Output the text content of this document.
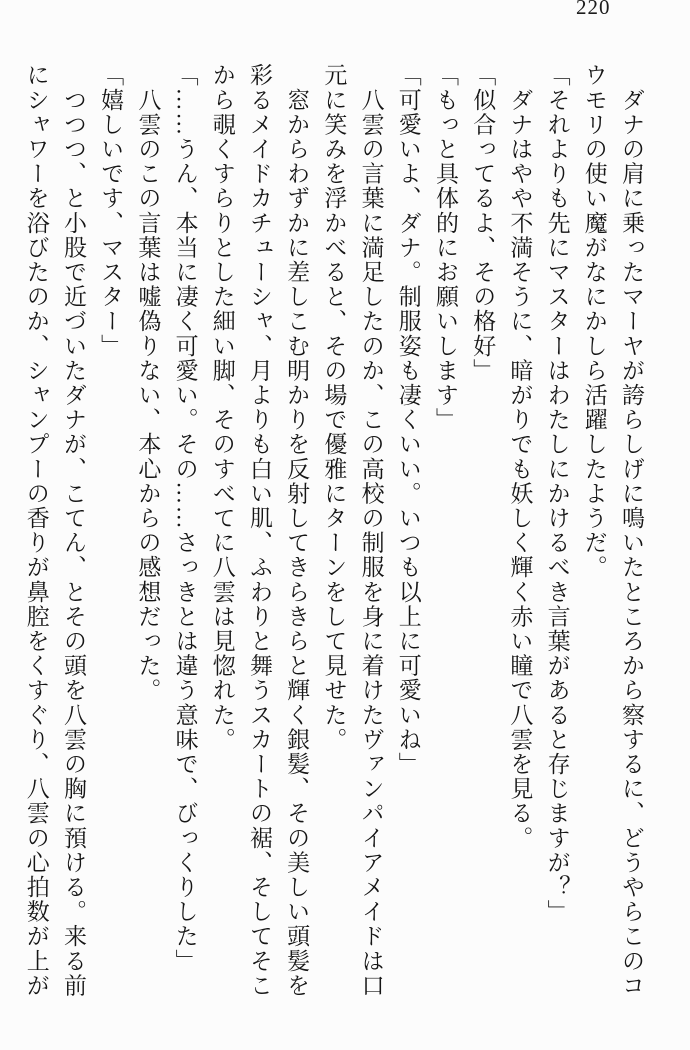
220

　ダナの肩に乗ったマーヤが誇らしげに鳴いたところから察するに、どうやらこのコウモリの使い魔がなにかしら活躍したようだ。

「それよりも先にマスターはわたしにかけるべき言葉があると存じますが？」

　ダナはやや不満そうに、暗がりでも妖しく輝く赤い瞳で八雲を見る。

「似合ってるよ、その格好」

「もっと具体的にお願いします」

「可愛いよ、ダナ。制服姿も凄くいい。いつも以上に可愛いね」

　八雲の言葉に満足したのか、この高校の制服を身に着けたヴァンパイアメイドは口元に笑みを浮かべると、その場で優雅にターンをして見せた。

　窓からわずかに差しこむ明かりを反射してきらきらと輝く銀髪、その美しい頭髪を彩るメイドカチューシャ、月よりも白い肌、ふわりと舞うスカートの裾、そしてそこから覗くすらりとした細い脚、そのすべてに八雲は見惚れた。

「……うん、本当に凄く可愛い。その……さっきとは違う意味で、びっくりした」

　八雲のこの言葉は嘘偽りない、本心からの感想だった。

「嬉しいです、マスター」

　つつつ、と小股で近づいたダナが、こてん、とその頭を八雲の胸に預ける。来る前にシャワーを浴びたのか、シャンプーの香りが鼻腔をくすぐり、八雲の心拍数が上が
